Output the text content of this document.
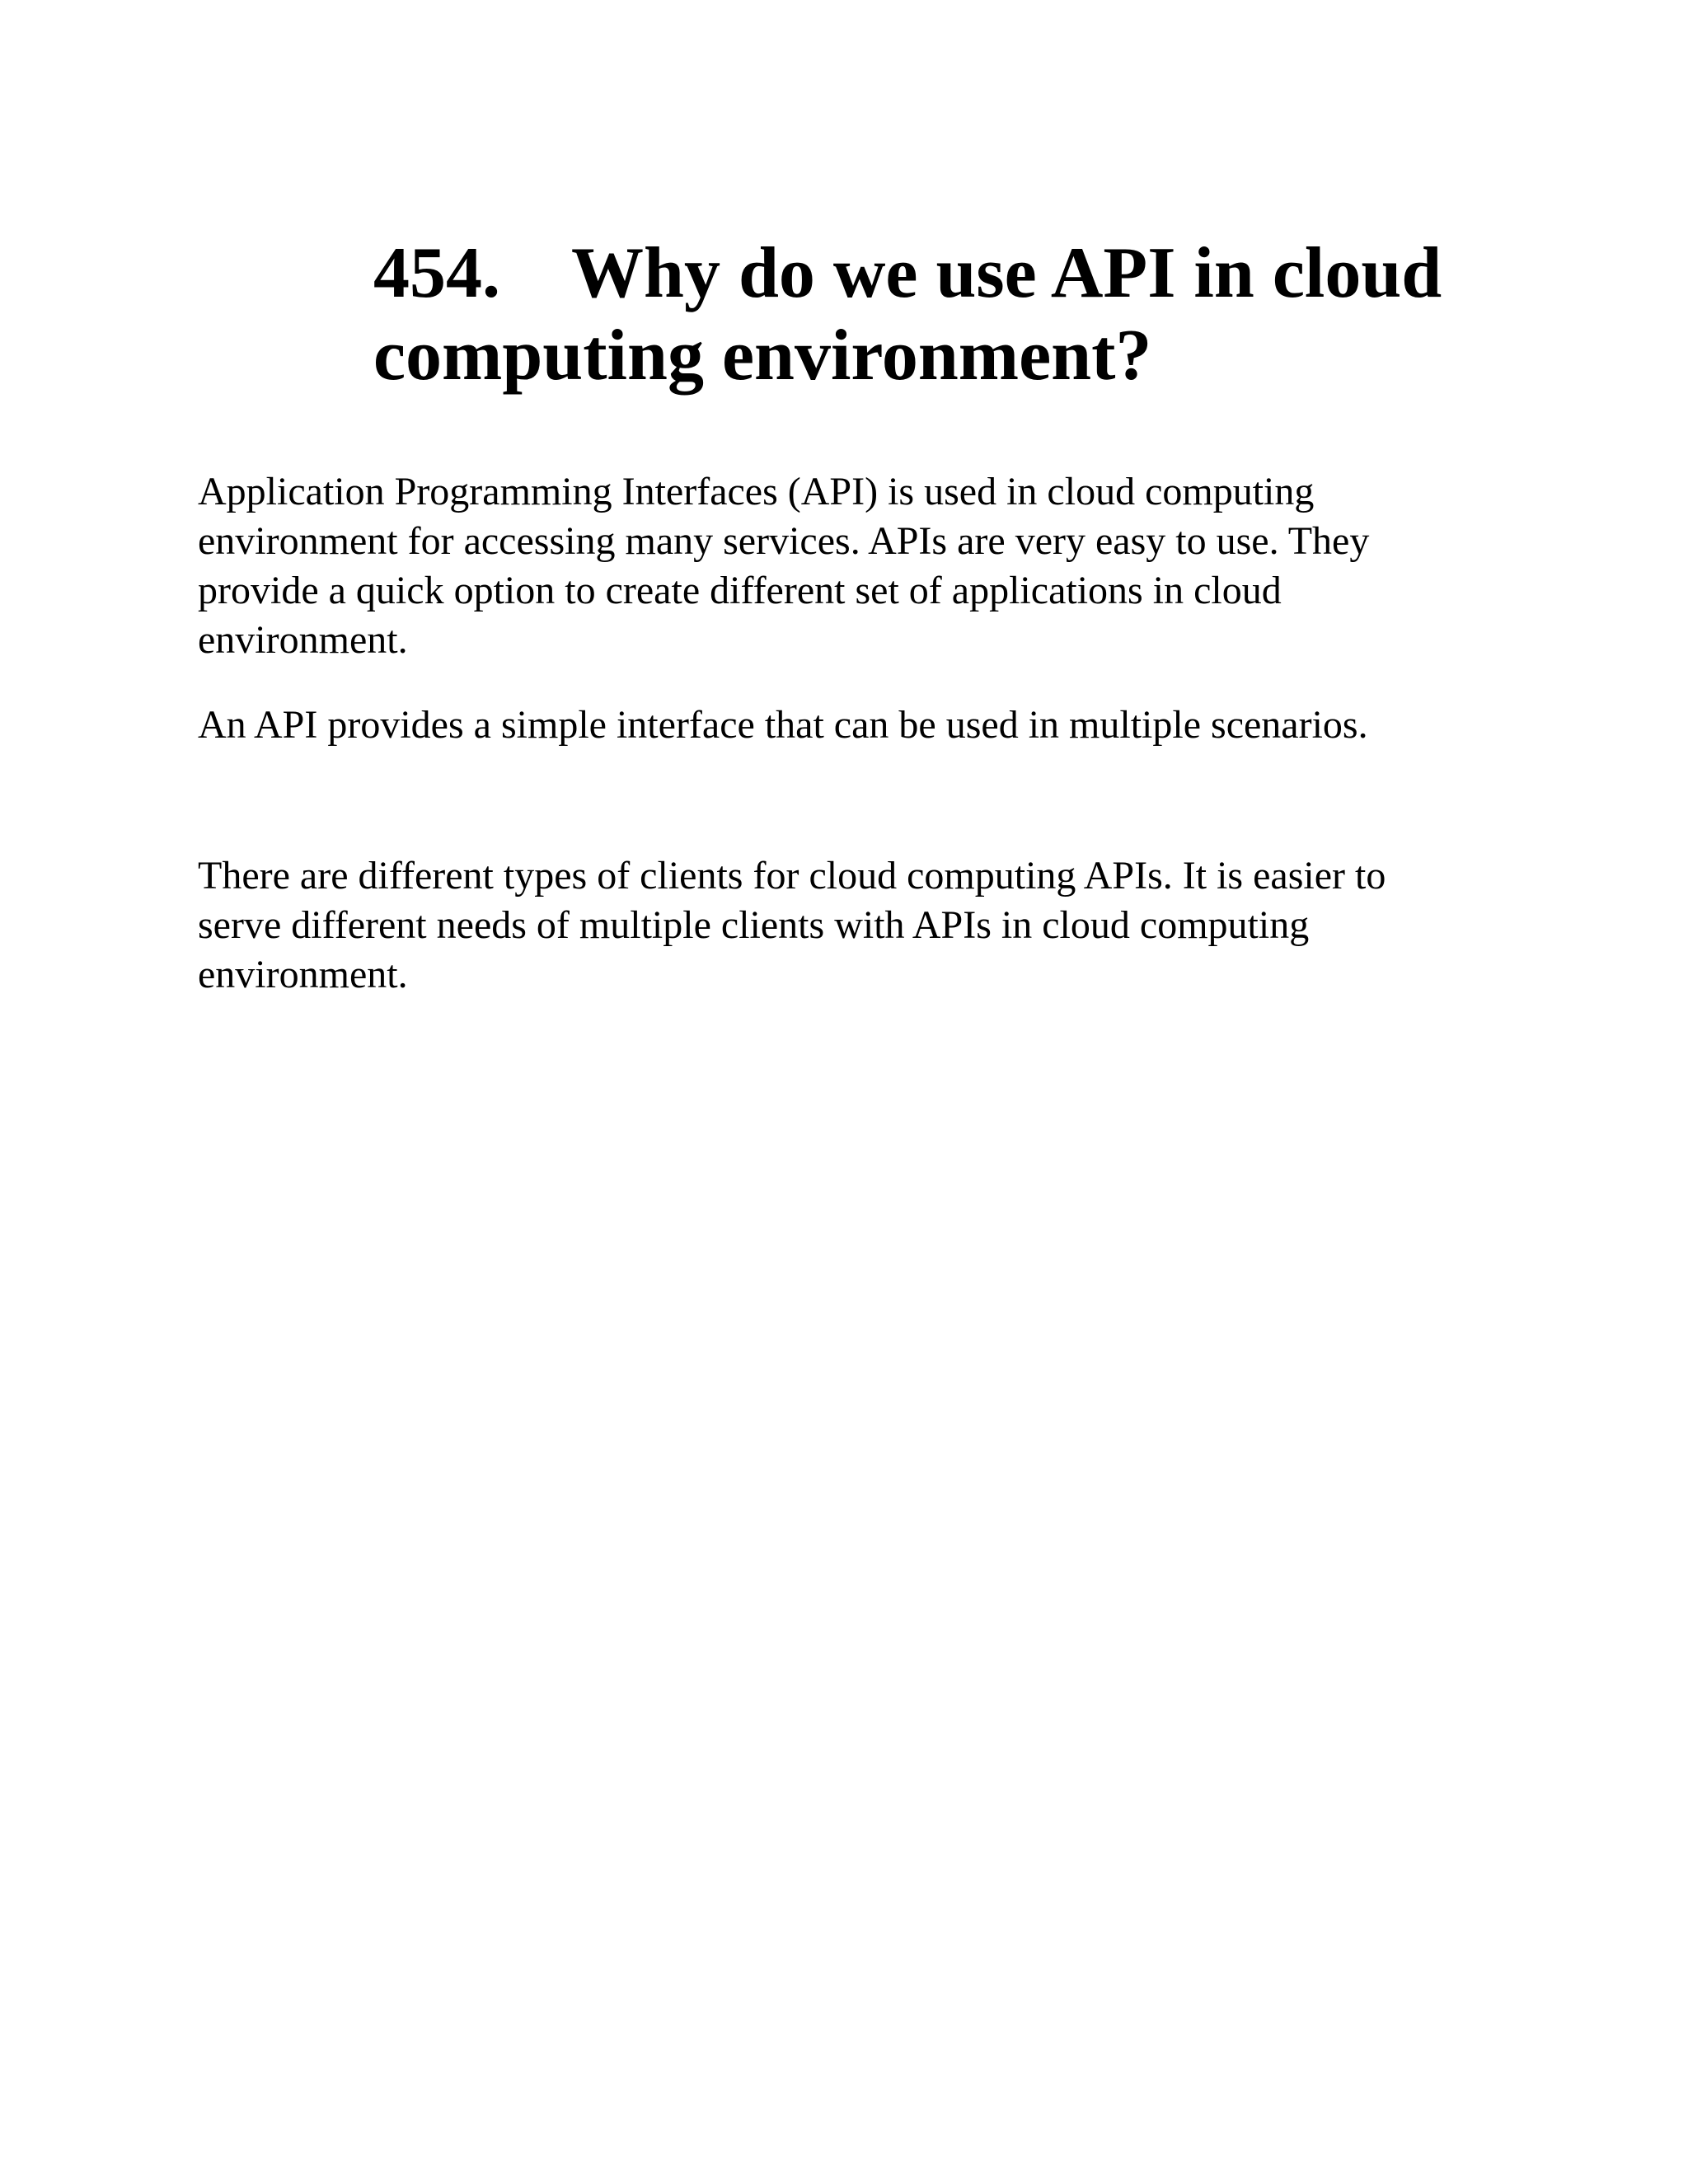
454. Why do we use API in cloud
computing environment?

Application Programming Interfaces (API) is used in cloud computing
environment for accessing many services. APIs are very easy to use. They
provide a quick option to create different set of applications in cloud
environment.

An API provides a simple interface that can be used in multiple scenarios.

There are different types of clients for cloud computing APIs. It is easier to
serve different needs of multiple clients with APIs in cloud computing
environment.
